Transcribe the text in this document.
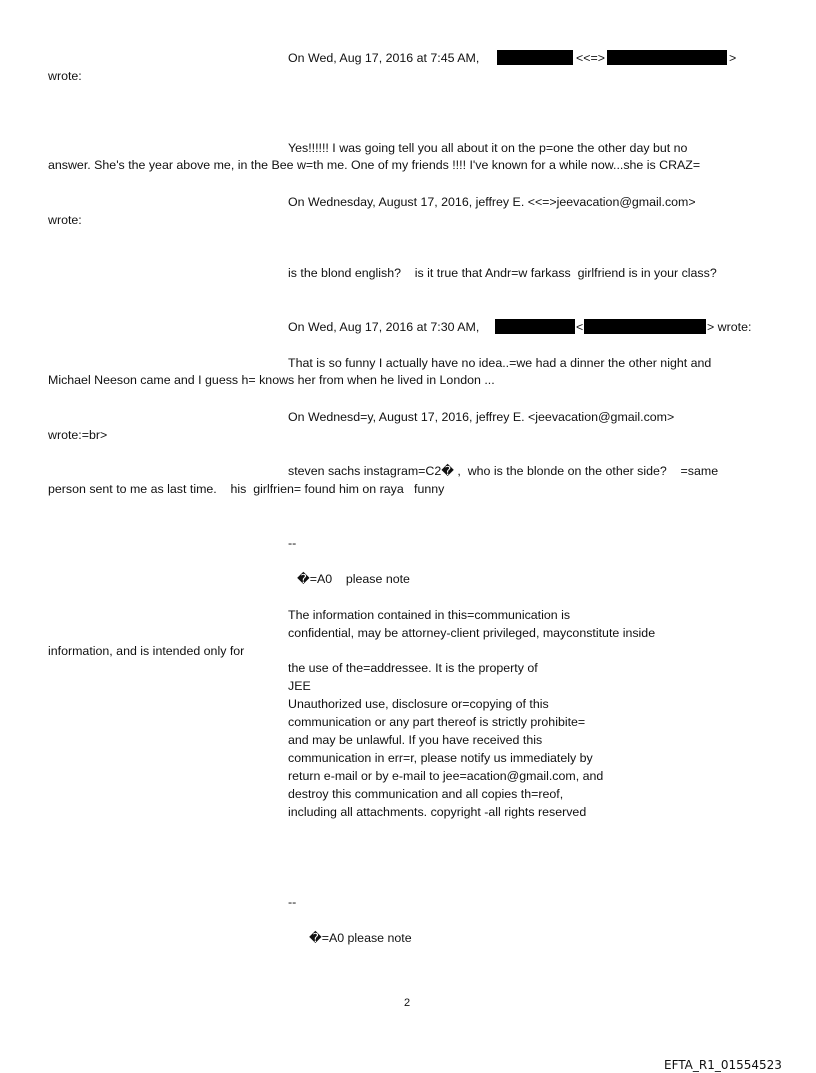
On Wed, Aug 17, 2016 at 7:45 AM,	<<=>	>
wrote:
Yes!!!!!! I was going tell you all about it on the p=one the other day but no
answer. She's the year above me, in the Bee w=th me. One of my friends !!!! I've known for a while now...she is CRAZ=
On Wednesday, August 17, 2016, jeffrey E. <<=>jeevacation@gmail.com>
wrote:
is the blond english?    is it true that Andr=w farkass  girlfriend is in your class?
On Wed, Aug 17, 2016 at 7:30 AM,	<	> wrote:
That is so funny I actually have no idea..=we had a dinner the other night and
Michael Neeson came and I guess h= knows her from when he lived in London ...
On Wednesd=y, August 17, 2016, jeffrey E. <jeevacation@gmail.com>
wrote:=br>
steven sachs instagram=C2� ,  who is the blonde on the other side?    =same
person sent to me as last time.    his  girlfrien= found him on raya   funny
--
�=A0    please note
The information contained in this=communication is
confidential, may be attorney-client privileged, mayconstitute inside
information, and is intended only for
the use of the=addressee. It is the property of
JEE
Unauthorized use, disclosure or=copying of this
communication or any part thereof is strictly prohibite=
and may be unlawful. If you have received this
communication in err=r, please notify us immediately by
return e-mail or by e-mail to jee=acation@gmail.com, and
destroy this communication and all copies th=reof,
including all attachments. copyright -all rights reserved
--
�=A0 please note
2
EFTA_R1_01554523
